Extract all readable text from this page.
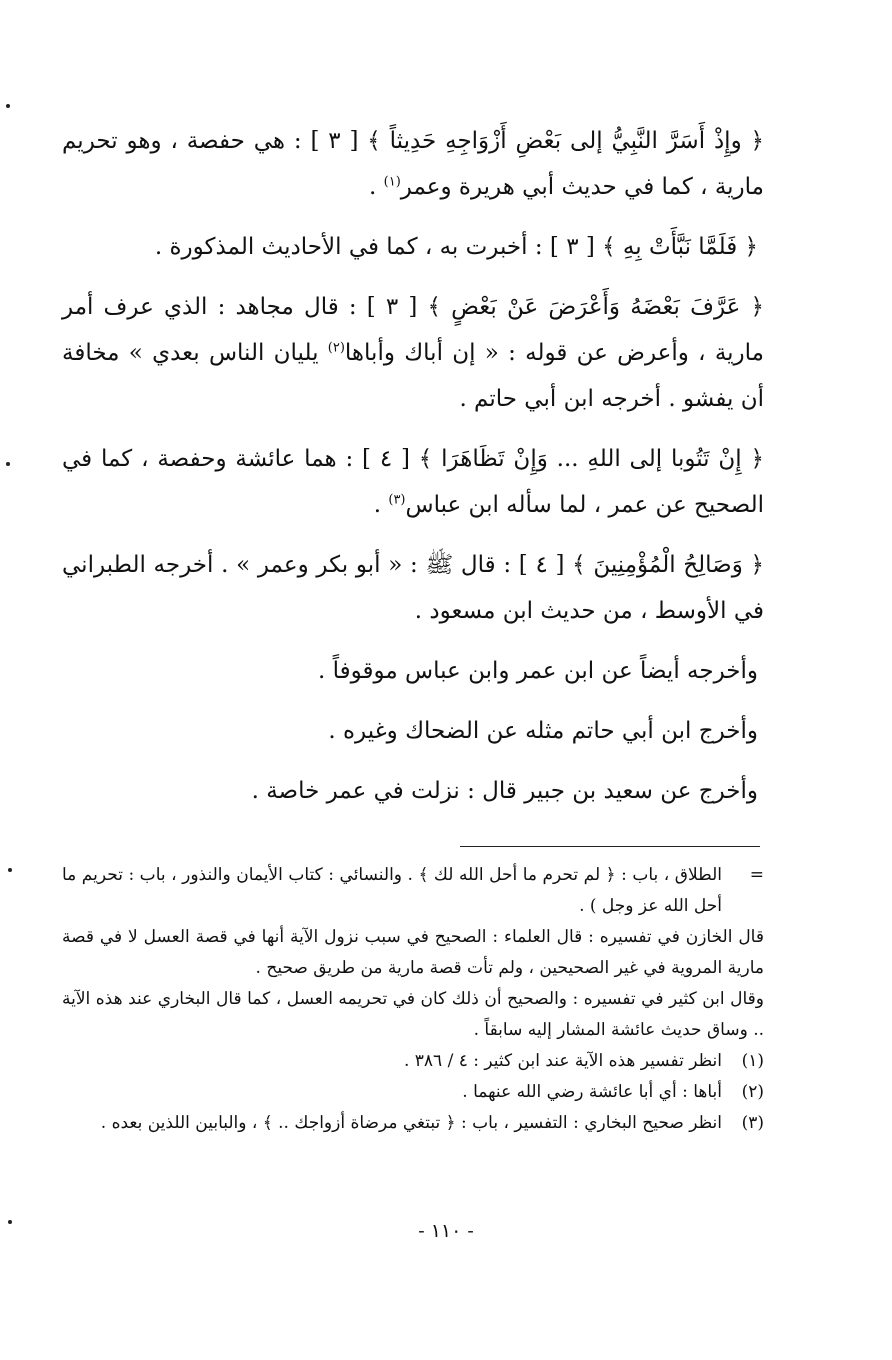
﴿ وإِذْ أَسَرَّ النَّبِيُّ إلى بَعْضِ أَزْوَاجِهِ حَدِيثاً ﴾ [ ٣ ] : هي حفصة ، وهو تحريم مارية ، كما في حديث أبي هريرة وعمر$^{(١)}$ .

﴿ فَلَمَّا نَبَّأَتْ بِهِ ﴾ [ ٣ ] : أخبرت به ، كما في الأحاديث المذكورة .

﴿ عَرَّفَ بَعْضَهُ وَأَعْرَضَ عَنْ بَعْضٍ ﴾ [ ٣ ] : قال مجاهد : الذي عرف أمر مارية ، وأعرض عن قوله : « إن أباك وأباها$^{(٢)}$ يليان الناس بعدي » مخافة أن يفشو . أخرجه ابن أبي حاتم .

﴿ إِنْ تَتُوبا إلى اللهِ ... وَإِنْ تَظَاهَرَا ﴾ [ ٤ ] : هما عائشة وحفصة ، كما في الصحيح عن عمر ، لما سأله ابن عباس$^{(٣)}$ .

﴿ وَصَالِحُ الْمُؤْمِنِينَ ﴾ [ ٤ ] : قال ﷺ : « أبو بكر وعمر » . أخرجه الطبراني في الأوسط ، من حديث ابن مسعود .

وأخرجه أيضاً عن ابن عمر وابن عباس موقوفاً .

وأخرج ابن أبي حاتم مثله عن الضحاك وغيره .

وأخرج عن سعيد بن جبير قال : نزلت في عمر خاصة .

=
الطلاق ، باب : ﴿ لم تحرم ما أحل الله لك ﴾ . والنسائي : كتاب الأيمان والنذور ، باب : تحريم ما أحل الله عز وجل ) .
قال الخازن في تفسيره : قال العلماء : الصحيح في سبب نزول الآية أنها في قصة العسل لا في قصة مارية المروية في غير الصحيحين ، ولم تأت قصة مارية من طريق صحيح .
وقال ابن كثير في تفسيره : والصحيح أن ذلك كان في تحريمه العسل ، كما قال البخاري عند هذه الآية .. وساق حديث عائشة المشار إليه سابقاً .
(١)
انظر تفسير هذه الآية عند ابن كثير : ٤ / ٣٨٦ .
(٢)
أباها : أي أبا عائشة رضي الله عنهما .
(٣)
انظر صحيح البخاري : التفسير ، باب : ﴿ تبتغي مرضاة أزواجك .. ﴾ ، والبابين اللذين بعده .
- ١١٠ -
